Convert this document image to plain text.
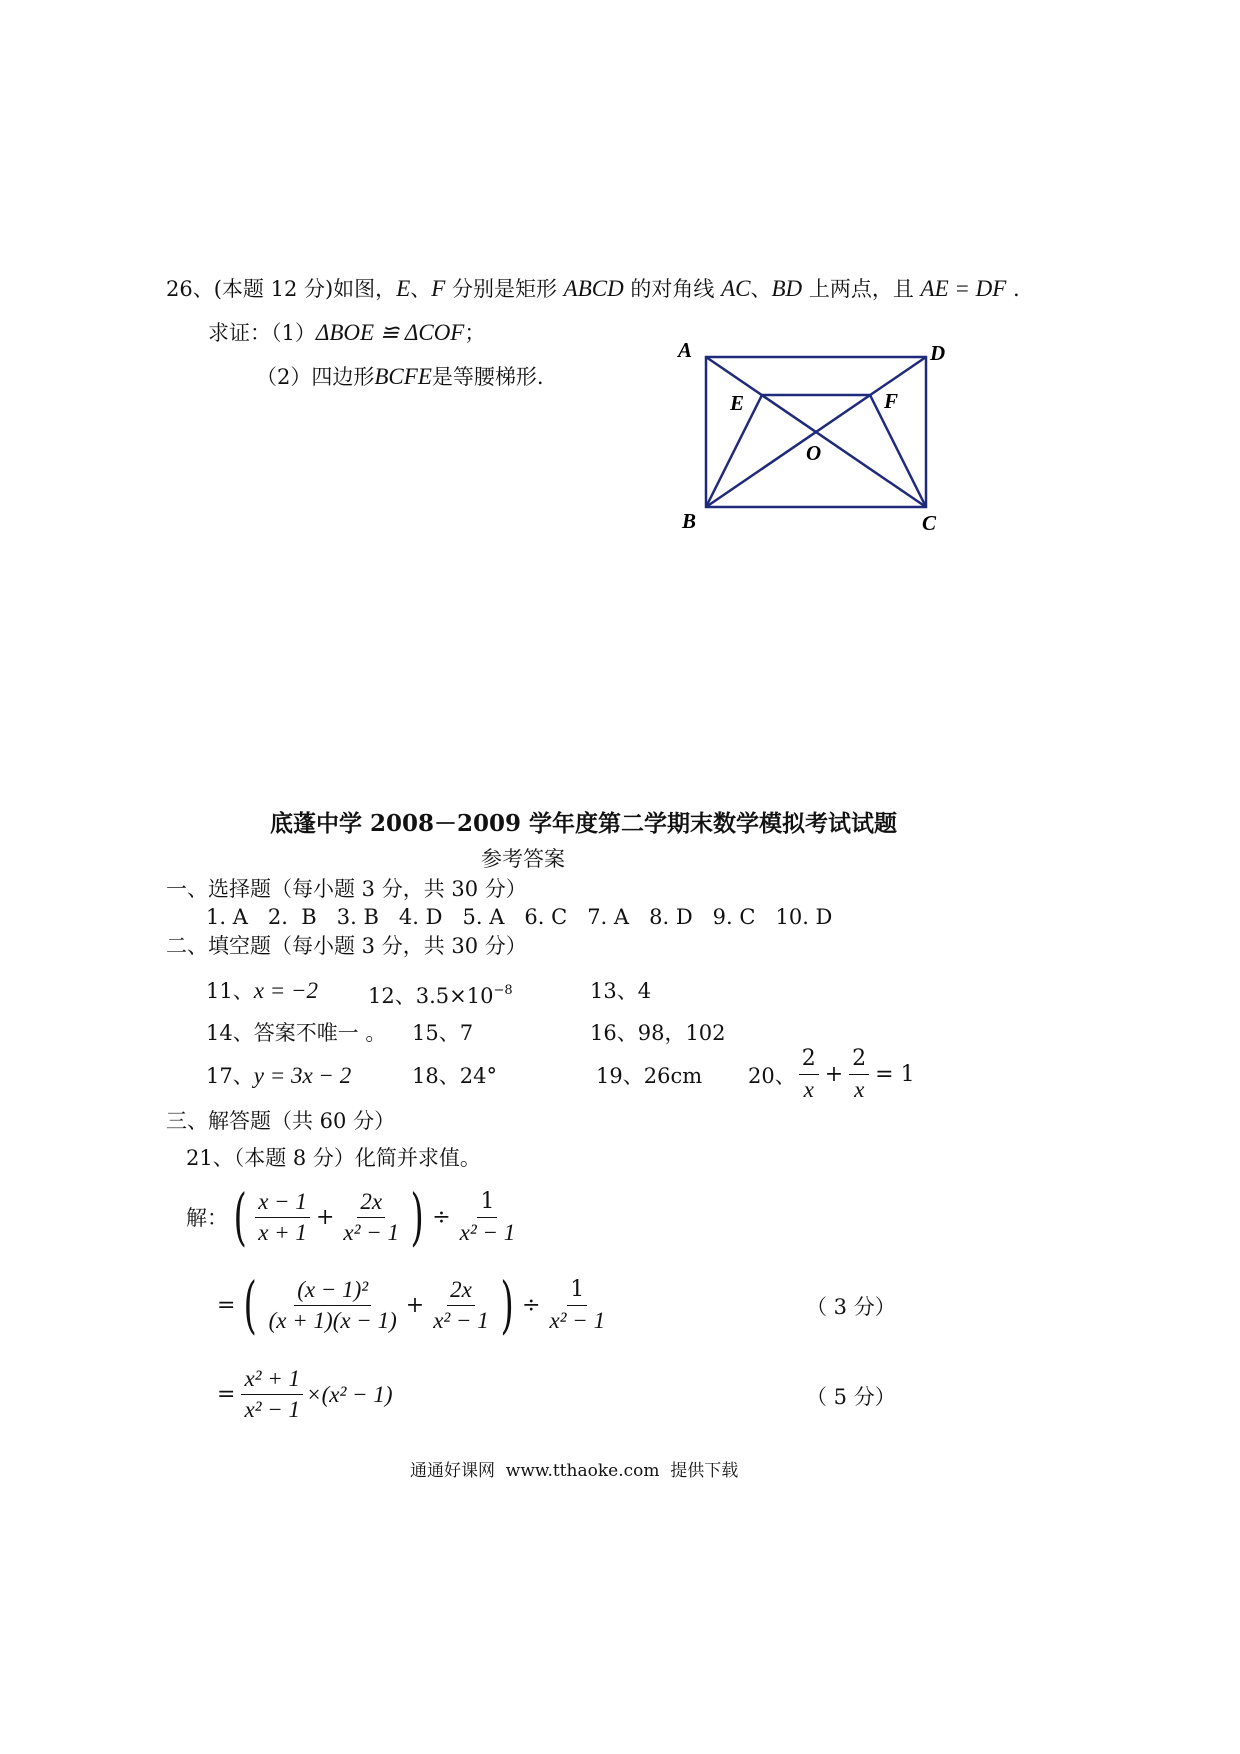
26、(本题 12 分)如图，E、F 分别是矩形 ABCD 的对角线 AC、BD 上两点，且 AE = DF .
求证：（1）ΔBOE ≌ ΔCOF；
（2）四边形BCFE是等腰梯形.
A	D
E	F
O
B	C
底蓬中学 2008－2009 学年度第二学期末数学模拟考试试题
参考答案
一、选择题（每小题 3 分，共 30 分）
1. A   2.  B   3. B   4. D   5. A   6. C   7. A   8. D   9. C   10. D
二、填空题（每小题 3 分，共 30 分）
11、x = −2 12、$3.5\times 10^{-8}$	13、4
14、答案不唯一 。 15、7	16、98，102
17、y = 3x − 2	18、24°	19、26cm 20、 $\frac{2}{x} + \frac{2}{x} = 1$
三、解答题（共 60 分）
21、（本题 8 分）化简并求值。
解： ( $\frac{x - 1}{x + 1} + \frac{2x}{\text{x² − 1}}$ ) ÷ $\frac{1}{\text{x² − 1}}$
= ( $\frac{\text{(x − 1)²}}{(x + 1)(x - 1)} + \frac{2x}{\text{x² − 1}}$ ) ÷ $\frac{1}{\text{x² − 1}}$	（ 3 分）
= $\frac{\text{x² + 1}}{\text{x² − 1}} \times(x^2 - 1)$	（ 5 分）
通通好课网  www.tthaoke.com  提供下载
